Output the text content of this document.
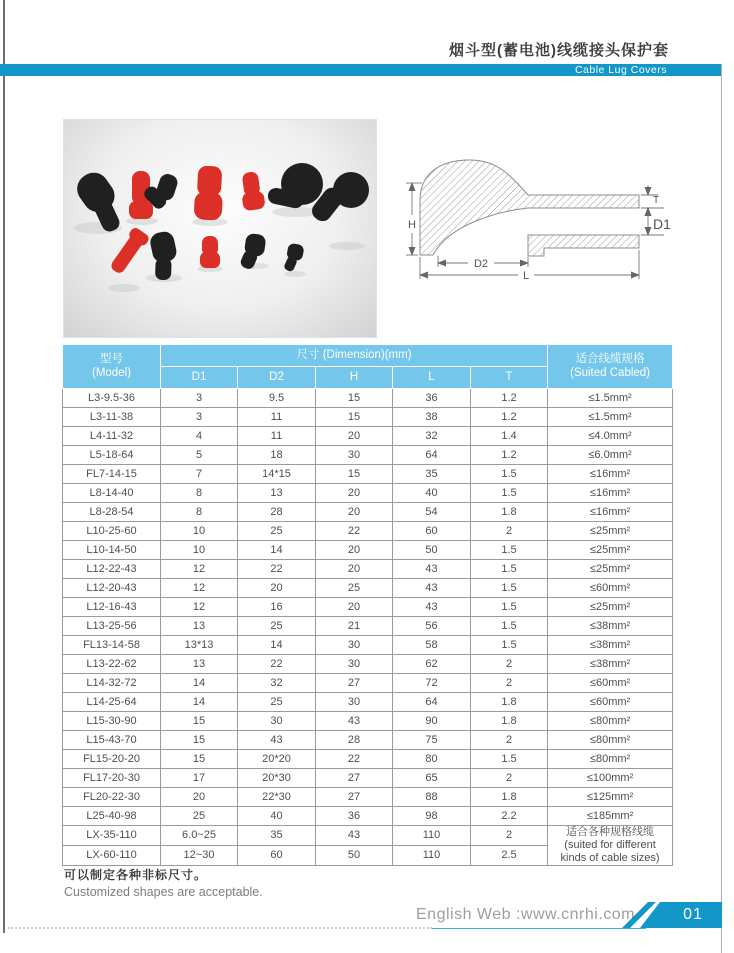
烟斗型(蓄电池)线缆接头保护套
Cable Lug Covers
H
D2
L
T
D1
型号
(Model)
	尺寸 (Dimension)(mm)	适合线缆规格
(Suited Cabled)

	D1	D2	H	L	T	
L3-9.5-36	3	9.5	15	36	1.2	≤1.5mm²
L3-11-38	3	11	15	38	1.2	≤1.5mm²
L4-11-32	4	11	20	32	1.4	≤4.0mm²
L5-18-64	5	18	30	64	1.2	≤6.0mm²
FL7-14-15	7	14*15	15	35	1.5	≤16mm²
L8-14-40	8	13	20	40	1.5	≤16mm²
L8-28-54	8	28	20	54	1.8	≤16mm²
L10-25-60	10	25	22	60	2	≤25mm²
L10-14-50	10	14	20	50	1.5	≤25mm²
L12-22-43	12	22	20	43	1.5	≤25mm²
L12-20-43	12	20	25	43	1.5	≤60mm²
L12-16-43	12	16	20	43	1.5	≤25mm²
L13-25-56	13	25	21	56	1.5	≤38mm²
FL13-14-58	13*13	14	30	58	1.5	≤38mm²
L13-22-62	13	22	30	62	2	≤38mm²
L14-32-72	14	32	27	72	2	≤60mm²
L14-25-64	14	25	30	64	1.8	≤60mm²
L15-30-90	15	30	43	90	1.8	≤80mm²
L15-43-70	15	43	28	75	2	≤80mm²
FL15-20-20	15	20*20	22	80	1.5	≤80mm²
FL17-20-30	17	20*30	27	65	2	≤100mm²
FL20-22-30	20	22*30	27	88	1.8	≤125mm²
L25-40-98	25	40	36	98	2.2	≤185mm²
LX-35-110	6.0~25	35	43	110	2	适合各种规格线缆
(suited for different
kinds of cable sizes)

LX-60-110	12~30	60	50	110	2.5	
可以制定各种非标尺寸。
Customized shapes are acceptable.
English Web :www.cnrhi.com	01
